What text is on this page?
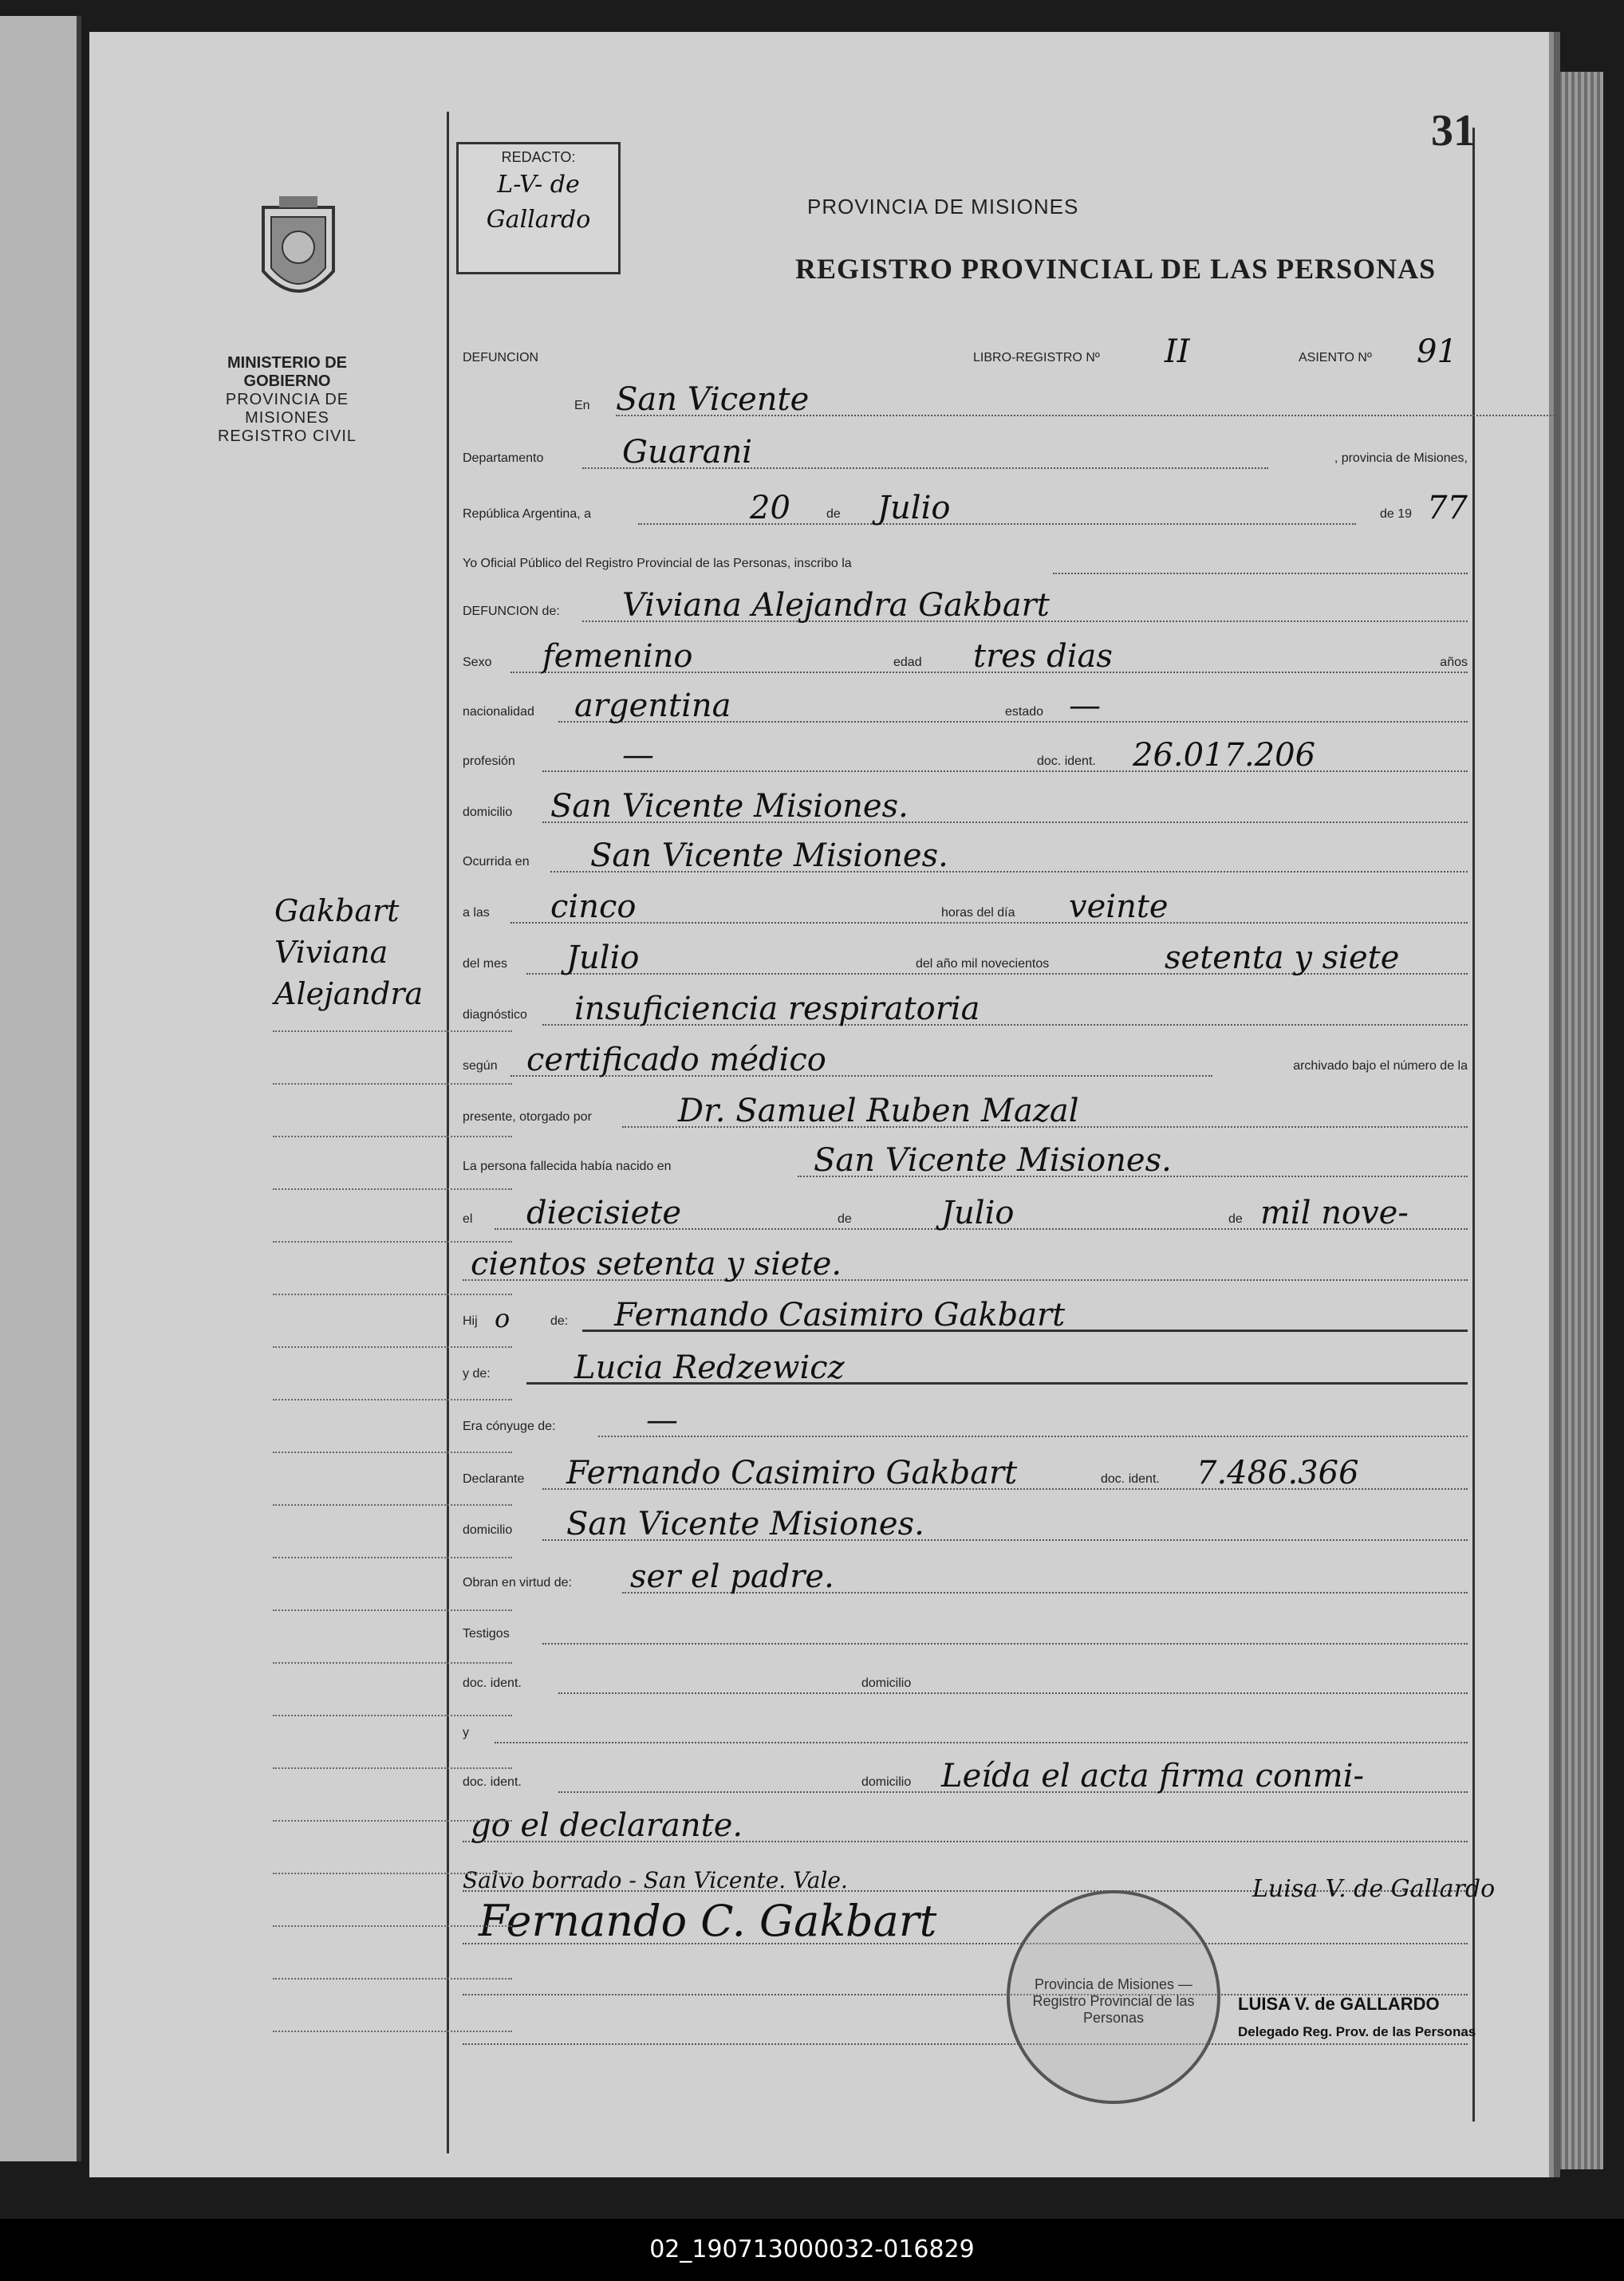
31
MINISTERIO DE GOBIERNO
PROVINCIA DE MISIONES
REGISTRO CIVIL
REDACTO:
L-V- de
Gallardo	PROVINCIA DE MISIONES
REGISTRO PROVINCIAL DE LAS PERSONAS
DEFUNCION	LIBRO-REGISTRO Nº II	ASIENTO Nº 91
En San Vicente
Departamento Guarani	, provincia de Misiones,
República Argentina, a	20	de Julio	de 19 77
Yo Oficial Público del Registro Provincial de las Personas, inscribo la
DEFUNCION de: Viviana Alejandra Gakbart
Sexo femenino	edad tres dias	años
nacionalidad argentina	estado —
profesión	—	doc. ident. 26.017.206
domicilio San Vicente Misiones.
Ocurrida en San Vicente Misiones.
a las cinco	horas del día veinte
del mes Julio	del año mil novecientos	setenta y siete
diagnóstico insuficiencia respiratoria
según certificado médico	archivado bajo el número de la
presente, otorgado por	Dr. Samuel Ruben Mazal
La persona fallecida había nacido en	San Vicente Misiones.
el diecisiete	de	Julio	de mil nove-
cientos setenta y siete.
Hij o	de: Fernando Casimiro Gakbart
y de:	Lucia Redzewicz
Era cónyuge de:	—
Declarante Fernando Casimiro Gakbart	doc. ident. 7.486.366
domicilio San Vicente Misiones.
Obran en virtud de: ser el padre.
Testigos
doc. ident.	domicilio
y
doc. ident.	domicilio Leída el acta firma conmi-
go el declarante.
Salvo borrado - San Vicente. Vale.
Fernando C. Gakbart
Luisa V. de Gallardo
Gakbart
Viviana
Alejandra
Provincia de Misiones — Registro Provincial de las Personas
LUISA V. de GALLARDO
Delegado Reg. Prov. de las Personas
02_190713000032-016829
